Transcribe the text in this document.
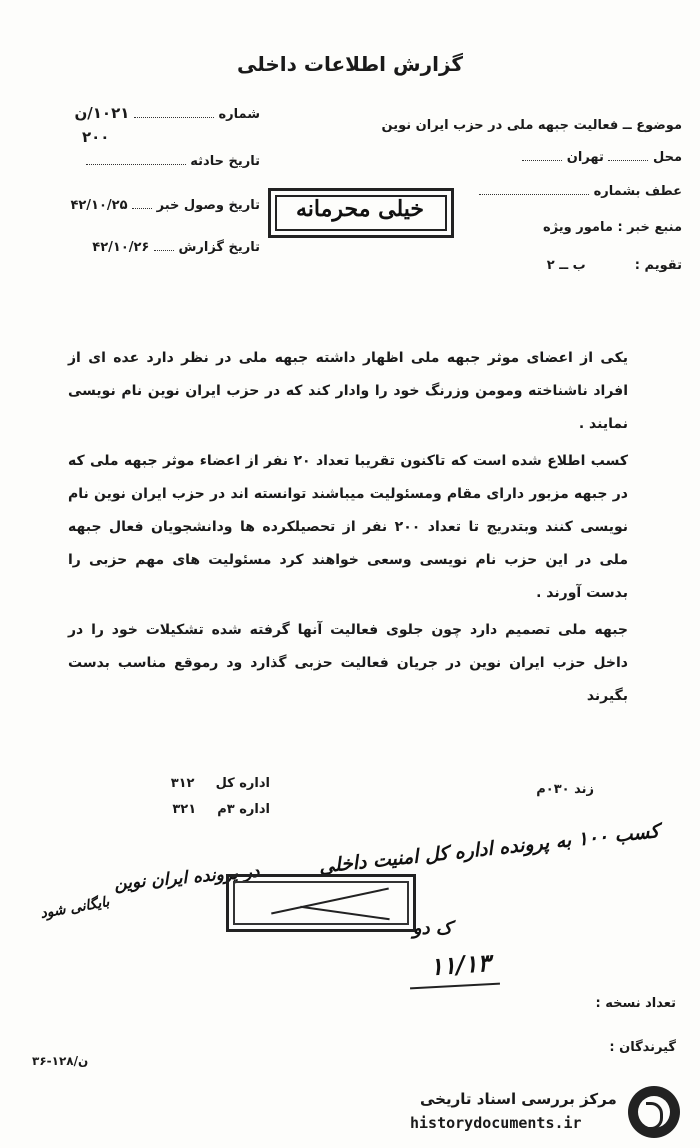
گزارش اطلاعات داخلی
موضوع ــ فعالیت جبهه ملی در حزب ایران نوین
محل  تهران
عطف بشماره
منبع خبر : مامور ویژه
تقویم :  ب ــ ۲
شماره  ۱۰۲۱/ن
۲۰۰
تاریخ حادثه
تاریخ وصول خبر  ۴۲/۱۰/۲۵
تاریخ گزارش  ۴۲/۱۰/۲۶
خیلی محرمانه

یکی از اعضای موثر جبهه ملی اظهار داشته جبهه ملی در نظر دارد عده ای از افراد ناشناخته ومومن وزرنگ خود را وادار کند که در حزب ایران نوین نام نویسی نمایند .

کسب اطلاع شده است که تاکنون تقریبا تعداد ۲۰ نفر از اعضاء موثر جبهه ملی که در جبهه مزبور دارای مقام ومسئولیت میباشند توانسته اند در حزب ایران نوین نام نویسی کنند وبتدریج تا تعداد ۲۰۰ نفر از تحصیلکرده ها ودانشجویان فعال جبهه ملی در این حزب نام نویسی وسعی خواهند کرد مسئولیت های مهم حزبی را بدست آورند .

جبهه ملی تصمیم دارد چون جلوی فعالیت آنها گرفته شده تشکیلات خود را در داخل حزب ایران نوین در جریان فعالیت حزبی گذارد ود رموقع مناسب بدست بگیرند

زند ۰۳۰م
اداره کل  ۳۱۲
اداره ۳م  ۳۲۱
کسب ۱۰۰ به پرونده اداره کل امنیت داخلی
در پرونده ایران نوین
بایگانی شود
ک دو
۱۱/۱۳
تعداد نسخه :
گیرندگان :
۳۶-۱۲۸/ن
مرکز بررسی اسناد تاریخی
historydocuments.ir
